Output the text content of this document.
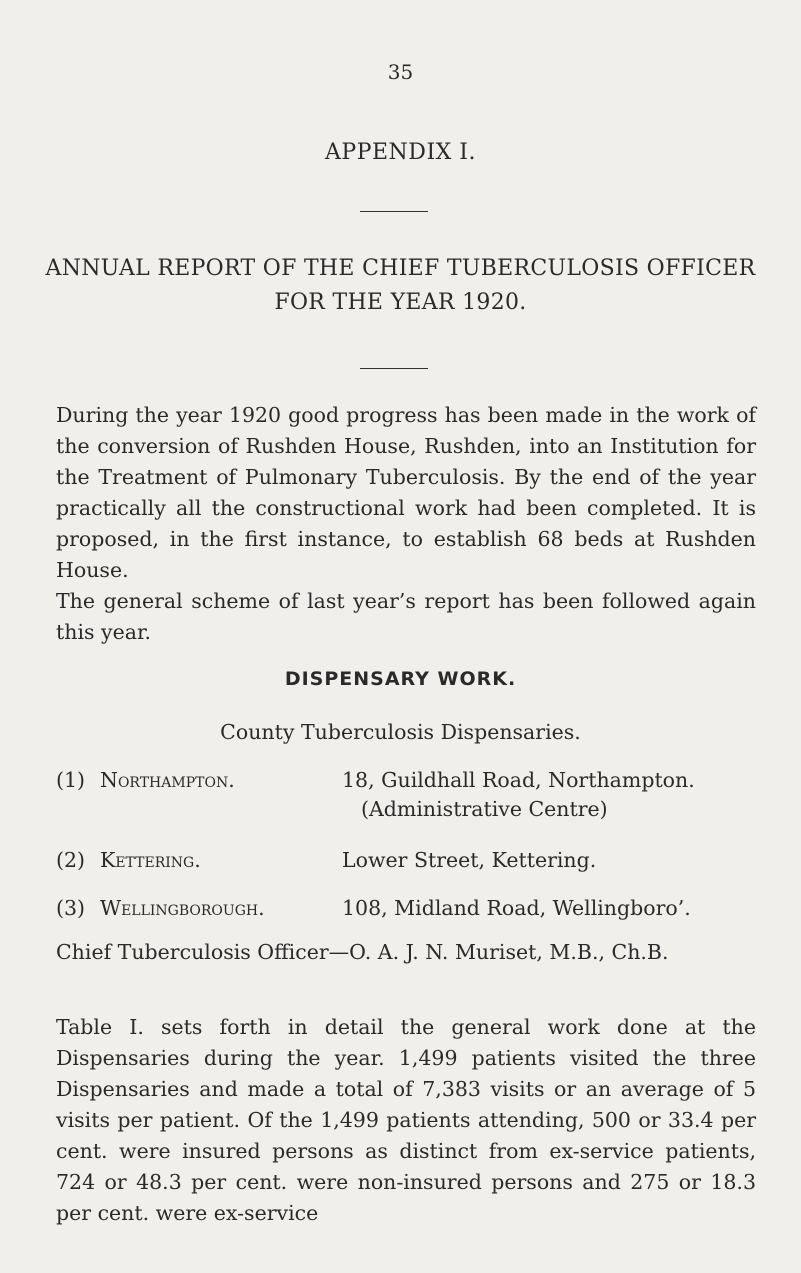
35
APPENDIX I.
ANNUAL REPORT OF THE CHIEF TUBERCULOSIS OFFICER FOR THE YEAR 1920.

During the year 1920 good progress has been made in the work of the conversion of Rushden House, Rushden, into an Institution for the Treatment of Pulmonary Tuberculosis. By the end of the year practically all the constructional work had been completed. It is proposed, in the first instance, to establish 68 beds at Rushden House.

The general scheme of last year’s report has been followed again this year.

DISPENSARY WORK.
County Tuberculosis Dispensaries.
(1) Northampton.	18, Guildhall Road, Northampton.
(Administrative Centre)
(2) Kettering.	Lower Street, Kettering.
(3) Wellingborough.	108, Midland Road, Wellingboro’.
Chief Tuberculosis Officer—O. A. J. N. Muriset, M.B., Ch.B.
Table I. sets forth in detail the general work done at the Dispensaries during the year. 1,499 patients visited the three Dispensaries and made a total of 7,383 visits or an average of 5 visits per patient. Of the 1,499 patients attending, 500 or 33.4 per cent. were insured persons as distinct from ex-service patients, 724 or 48.3 per cent. were non-insured persons and 275 or 18.3 per cent. were ex-service
